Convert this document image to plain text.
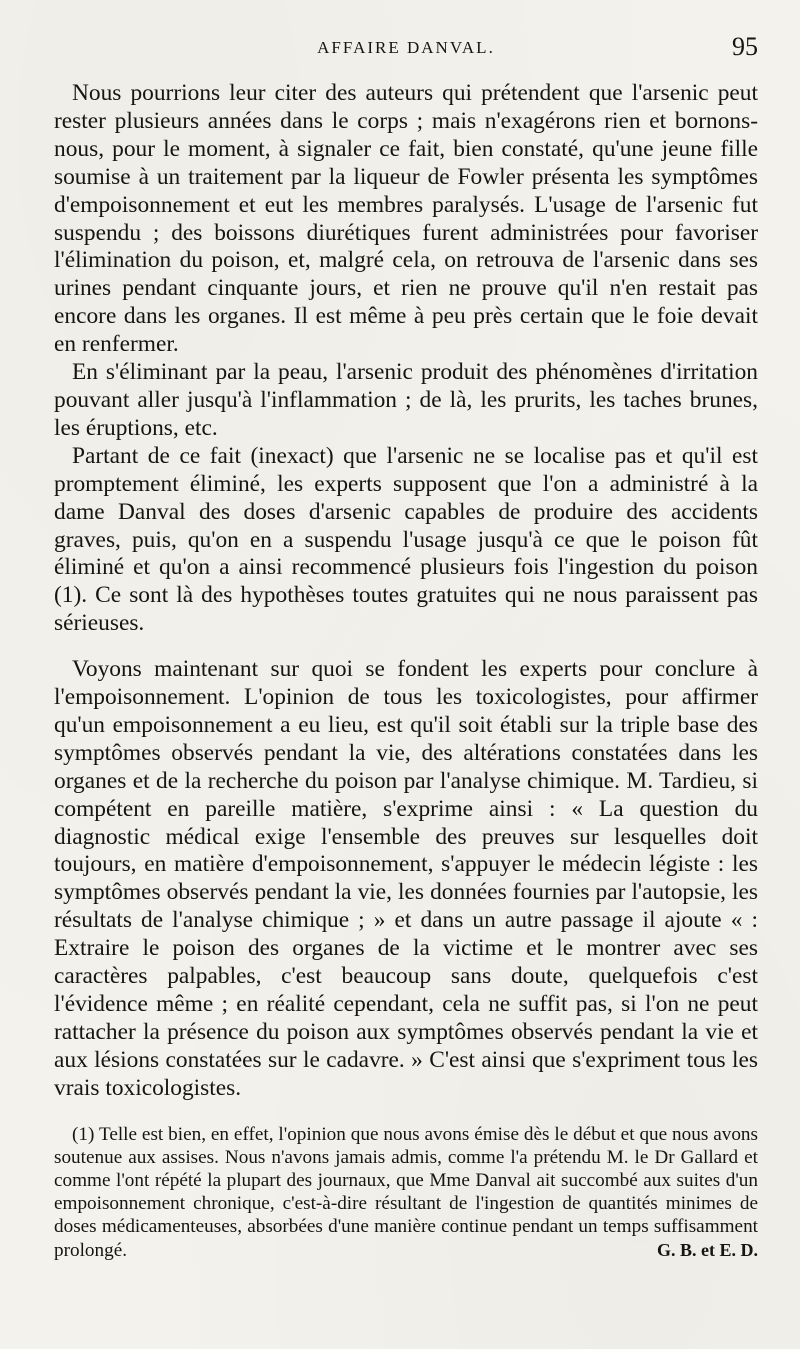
AFFAIRE DANVAL.	95

Nous pourrions leur citer des auteurs qui prétendent que l'arsenic peut rester plusieurs années dans le corps ; mais n'exagérons rien et bornons-nous, pour le moment, à signaler ce fait, bien constaté, qu'une jeune fille soumise à un traitement par la liqueur de Fowler présenta les symptômes d'empoisonnement et eut les membres paralysés. L'usage de l'arsenic fut suspendu ; des boissons diurétiques furent administrées pour favoriser l'élimination du poison, et, malgré cela, on retrouva de l'arsenic dans ses urines pendant cinquante jours, et rien ne prouve qu'il n'en restait pas encore dans les organes. Il est même à peu près certain que le foie devait en renfermer.

En s'éliminant par la peau, l'arsenic produit des phénomènes d'irritation pouvant aller jusqu'à l'inflammation ; de là, les prurits, les taches brunes, les éruptions, etc.

Partant de ce fait (inexact) que l'arsenic ne se localise pas et qu'il est promptement éliminé, les experts supposent que l'on a administré à la dame Danval des doses d'arsenic capables de produire des accidents graves, puis, qu'on en a suspendu l'usage jusqu'à ce que le poison fût éliminé et qu'on a ainsi recommencé plusieurs fois l'ingestion du poison (1). Ce sont là des hypothèses toutes gratuites qui ne nous paraissent pas sérieuses.

Voyons maintenant sur quoi se fondent les experts pour conclure à l'empoisonnement. L'opinion de tous les toxicologistes, pour affirmer qu'un empoisonnement a eu lieu, est qu'il soit établi sur la triple base des symptômes observés pendant la vie, des altérations constatées dans les organes et de la recherche du poison par l'analyse chimique. M. Tardieu, si compétent en pareille matière, s'exprime ainsi : « La question du diagnostic médical exige l'ensemble des preuves sur lesquelles doit toujours, en matière d'empoisonnement, s'appuyer le médecin légiste : les symptômes observés pendant la vie, les données fournies par l'autopsie, les résultats de l'analyse chimique ; » et dans un autre passage il ajoute « : Extraire le poison des organes de la victime et le montrer avec ses caractères palpables, c'est beaucoup sans doute, quelquefois c'est l'évidence même ; en réalité cependant, cela ne suffit pas, si l'on ne peut rattacher la présence du poison aux symptômes observés pendant la vie et aux lésions constatées sur le cadavre. » C'est ainsi que s'expriment tous les vrais toxicologistes.

(1) Telle est bien, en effet, l'opinion que nous avons émise dès le début et que nous avons soutenue aux assises. Nous n'avons jamais admis, comme l'a prétendu M. le Dr Gallard et comme l'ont répété la plupart des journaux, que Mme Danval ait succombé aux suites d'un empoisonnement chronique, c'est-à-dire résultant de l'ingestion de quantités minimes de doses médicamenteuses, absorbées d'une manière continue pendant un temps suffisamment prolongé.	G. B. et E. D.
